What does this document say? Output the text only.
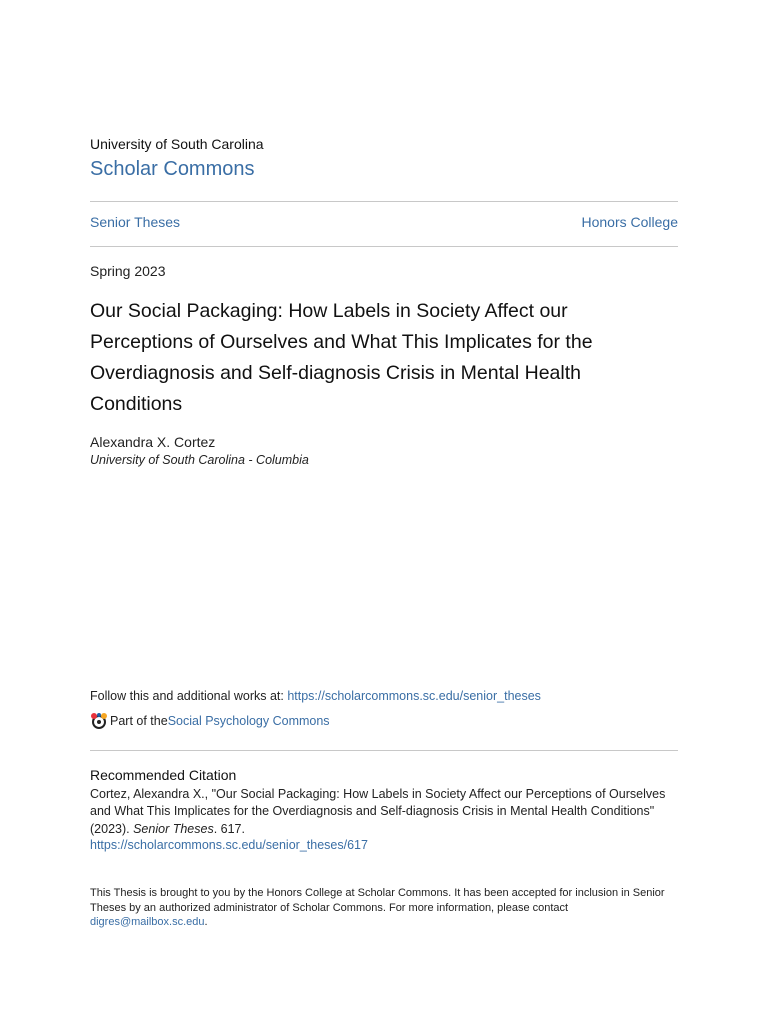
University of South Carolina
Scholar Commons
Senior Theses	Honors College
Spring 2023
Our Social Packaging: How Labels in Society Affect our Perceptions of Ourselves and What This Implicates for the Overdiagnosis and Self-diagnosis Crisis in Mental Health Conditions
Alexandra X. Cortez
University of South Carolina - Columbia
Follow this and additional works at: https://scholarcommons.sc.edu/senior_theses
Part of the Social Psychology Commons
Recommended Citation
Cortez, Alexandra X., "Our Social Packaging: How Labels in Society Affect our Perceptions of Ourselves and What This Implicates for the Overdiagnosis and Self-diagnosis Crisis in Mental Health Conditions" (2023). Senior Theses. 617.
https://scholarcommons.sc.edu/senior_theses/617
This Thesis is brought to you by the Honors College at Scholar Commons. It has been accepted for inclusion in Senior Theses by an authorized administrator of Scholar Commons. For more information, please contact digres@mailbox.sc.edu.
